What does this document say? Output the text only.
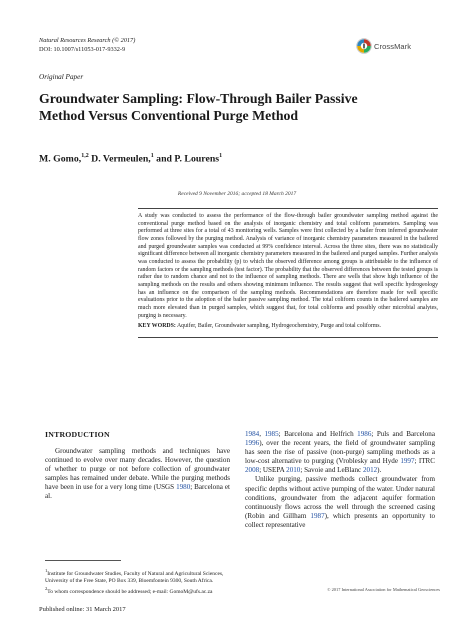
Natural Resources Research (© 2017)
DOI: 10.1007/s11053-017-9332-9	CrossMark
Original Paper
Groundwater Sampling: Flow-Through Bailer Passive
Method Versus Conventional Purge Method
M. Gomo,$^{1,2}$ D. Vermeulen,$^1$ and P. Lourens$^1$
Received 9 November 2016; accepted 18 March 2017

A study was conducted to assess the performance of the flow-through bailer groundwater sampling method against the conventional purge method based on the analysis of inorganic chemistry and total coliform parameters. Sampling was performed at three sites for a total of 43 monitoring wells. Samples were first collected by a bailer from inferred groundwater flow zones followed by the purging method. Analysis of variance of inorganic chemistry parameters measured in the bailered and purged groundwater samples was conducted at 99% confidence interval. Across the three sites, there was no statistically significant difference between all inorganic chemistry parameters measured in the bailered and purged samples. Further analysis was conducted to assess the probability (p) to which the observed difference among groups is attributable to the influence of random factors or the sampling methods (test factor). The probability that the observed differences between the tested groups is rather due to random chance and not to the influence of sampling methods. There are wells that show high influence of the sampling methods on the results and others showing minimum influence. The results suggest that well specific hydrogeology has an influence on the comparison of the sampling methods. Recommendations are therefore made for well specific evaluations prior to the adoption of the bailer passive sampling method. The total coliform counts in the bailered samples are much more elevated than in purged samples, which suggest that, for total coliforms and possibly other microbial analytes, purging is necessary.

KEY WORDS: Aquifer, Bailer, Groundwater sampling, Hydrogeochemistry, Purge and total coliforms.

INTRODUCTION

Groundwater sampling methods and techniques have continued to evolve over many decades. However, the question of whether to purge or not before collection of groundwater samples has remained under debate. While the purging methods have been in use for a very long time (USGS 1980; Barcelona et al.

$^1$Institute for Groundwater Studies, Faculty of Natural and Agricultural Sciences, University of the Free State, PO Box 339, Bloemfontein 9300, South Africa.

$^2$To whom correspondence should be addressed; e-mail: GomoM@ufs.ac.za

1984, 1985; Barcelona and Helfrich 1986; Puls and Barcelona 1996), over the recent years, the field of groundwater sampling has seen the rise of passive (non-purge) sampling methods as a low-cost alternative to purging (Vroblesky and Hyde 1997; ITRC 2008; USEPA 2010; Savoie and LeBlanc 2012).

Unlike purging, passive methods collect groundwater from specific depths without active pumping of the water. Under natural conditions, groundwater from the adjacent aquifer formation continuously flows across the well through the screened casing (Robin and Gillham 1987), which presents an opportunity to collect representative

© 2017 International Association for Mathematical Geosciences
Published online: 31 March 2017
